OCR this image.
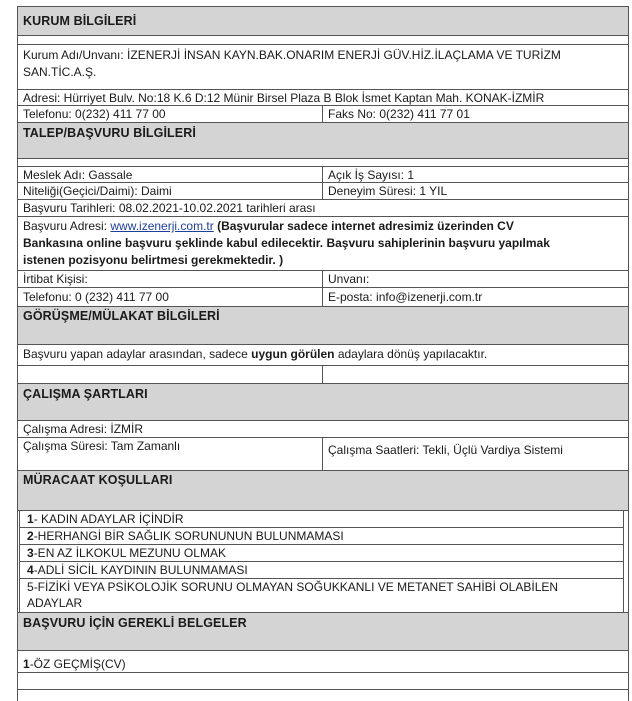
KURUM BİLGİLERİ
Kurum Adı/Unvanı: İZENERJİ İNSAN KAYN.BAK.ONARIM ENERJİ GÜV.HİZ.İLAÇLAMA VE TURİZM
SAN.TİC.A.Ş.
Adresi: Hürriyet Bulv. No:18 K.6 D:12 Münir Birsel Plaza B Blok İsmet Kaptan Mah. KONAK-İZMİR
Telefonu: 0(232) 411 77 00	Faks No: 0(232) 411 77 01
TALEP/BAŞVURU BİLGİLERİ
Meslek Adı: Gassale	Açık İş Sayısı: 1
Niteliği(Geçici/Daimi): Daimi	Deneyim Süresi: 1 YIL
Başvuru Tarihleri: 08.02.2021-10.02.2021 tarihleri arası
Başvuru Adresi: www.izenerji.com.tr (Başvurular sadece internet adresimiz üzerinden CV
Bankasına online başvuru şeklinde kabul edilecektir. Başvuru sahiplerinin başvuru yapılmak
istenen pozisyonu belirtmesi gerekmektedir. )
İrtibat Kişisi:	Unvanı:
Telefonu: 0 (232) 411 77 00	E-posta: info@izenerji.com.tr
GÖRÜŞME/MÜLAKAT BİLGİLERİ
Başvuru yapan adaylar arasından, sadece uygun görülen adaylara dönüş yapılacaktır.
ÇALIŞMA ŞARTLARI
Çalışma Adresi: İZMİR
Çalışma Süresi: Tam Zamanlı	Çalışma Saatleri: Tekli, Üçlü Vardiya Sistemi
MÜRACAAT KOŞULLARI
1- KADIN ADAYLAR İÇİNDİR
2-HERHANGİ BİR SAĞLIK SORUNUNUN BULUNMAMASI
3-EN AZ İLKOKUL MEZUNU OLMAK
4-ADLİ SİCİL KAYDININ BULUNMAMASI
5-FİZİKİ VEYA PSİKOLOJİK SORUNU OLMAYAN SOĞUKKANLI VE METANET SAHİBİ OLABİLEN
ADAYLAR
BAŞVURU İÇİN GEREKLİ BELGELER
1-ÖZ GEÇMİŞ(CV)
